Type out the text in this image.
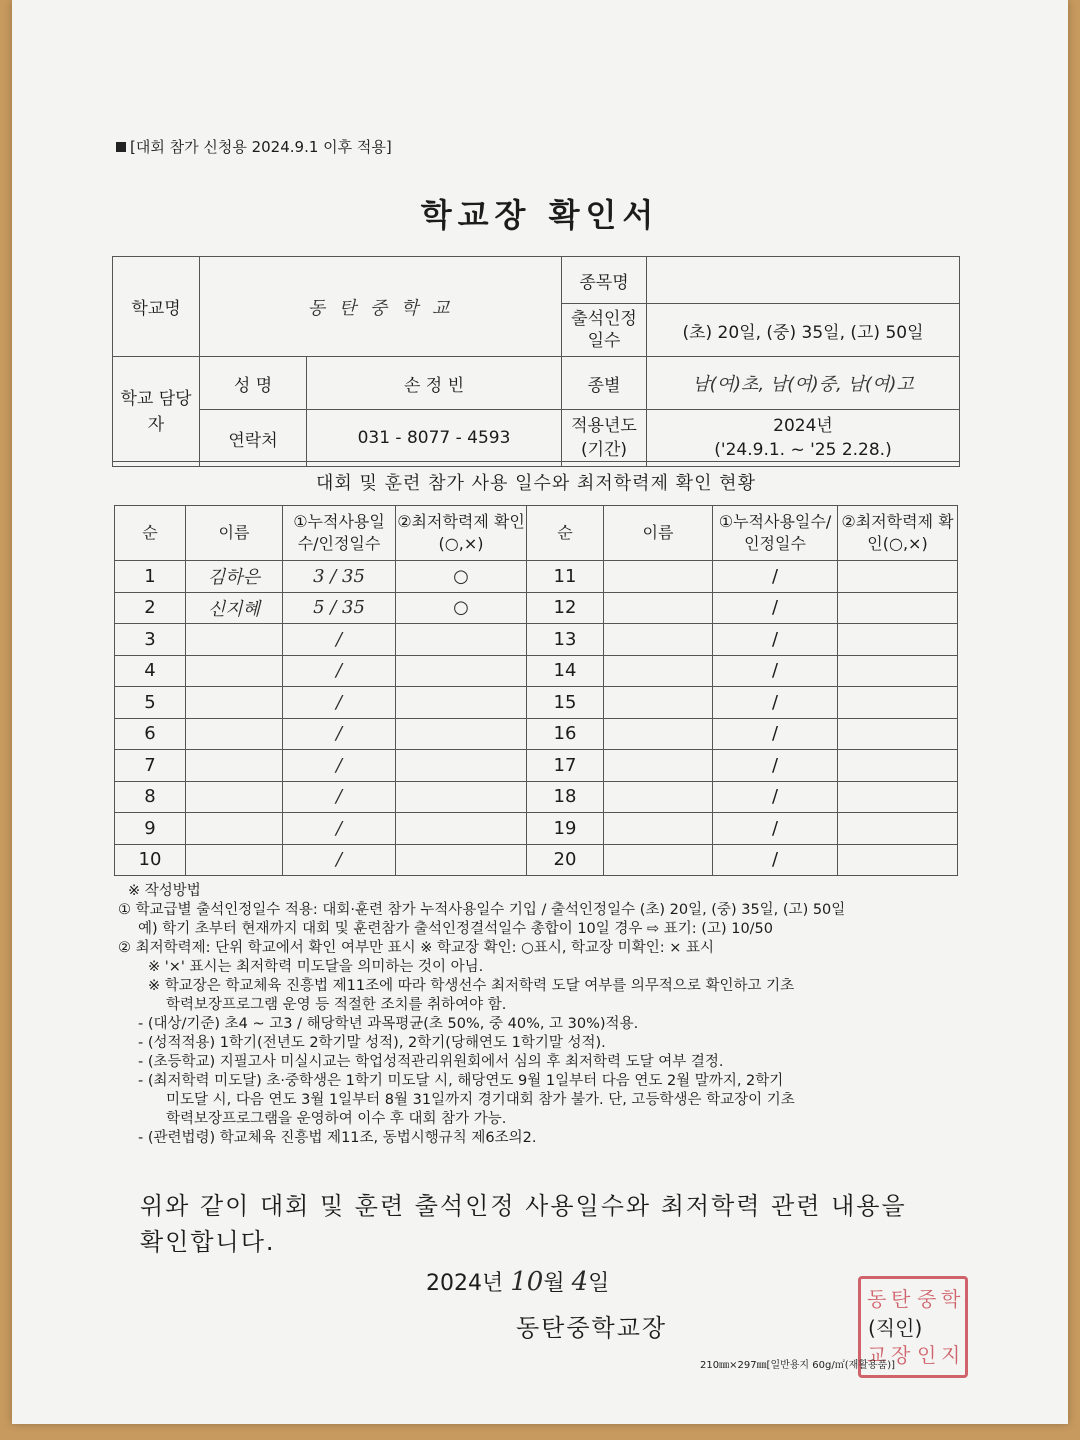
[대회 참가 신청용 2024.9.1 이후 적용]
학교장 확인서
학교명	동 탄 중 학 교		종목명	
			출석인정 일수	(초) 20일, (중) 35일, (고) 50일
학교 담당자	성 명	손 정 빈	종별	남(여)초, 남(여)중, 남(여)고
	연락처	031 - 8077 - 4593	적용년도 (기간)	2024년
('24.9.1. ~ '25 2.28.)
대회 및 훈련 참가 사용 일수와 최저학력제 확인 현황
순	이름	①누적사용일수/인정일수	②최저학력제 확인(○,×)	순	이름	①누적사용일수/인정일수	②최저학력제 확인(○,×)
1	김하은	3 / 35	○	11		/	
2	신지혜	5 / 35	○	12		/	
3		/		13		/	
4		/		14		/	
5		/		15		/	
6		/		16		/	
7		/		17		/	
8		/		18		/	
9		/		19		/	
10		/		20		/	
※ 작성방법
① 학교급별 출석인정일수 적용: 대회·훈련 참가 누적사용일수 기입 / 출석인정일수 (초) 20일, (중) 35일, (고) 50일
예) 학기 초부터 현재까지 대회 및 훈련참가 출석인정결석일수 총합이 10일 경우 ⇨ 표기: (고) 10/50
② 최저학력제: 단위 학교에서 확인 여부만 표시 ※ 학교장 확인: ○표시, 학교장 미확인: × 표시
※ '×' 표시는 최저학력 미도달을 의미하는 것이 아님.
※ 학교장은 학교체육 진흥법 제11조에 따라 학생선수 최저학력 도달 여부를 의무적으로 확인하고 기초
학력보장프로그램 운영 등 적절한 조치를 취하여야 함.
- (대상/기준) 초4 ~ 고3 / 해당학년 과목평균(초 50%, 중 40%, 고 30%)적용.
- (성적적용) 1학기(전년도 2학기말 성적), 2학기(당해연도 1학기말 성적).
- (초등학교) 지필고사 미실시교는 학업성적관리위원회에서 심의 후 최저학력 도달 여부 결정.
- (최저학력 미도달) 초·중학생은 1학기 미도달 시, 해당연도 9월 1일부터 다음 연도 2월 말까지, 2학기
미도달 시, 다음 연도 3월 1일부터 8월 31일까지 경기대회 참가 불가. 단, 고등학생은 학교장이 기초
학력보장프로그램을 운영하여 이수 후 대회 참가 가능.
- (관련법령) 학교체육 진흥법 제11조, 동법시행규칙 제6조의2.
위와 같이 대회 및 훈련 출석인정 사용일수와 최저학력 관련 내용을 확인합니다.
2024년 10월 4일
동탄중학교장
동 탄 중 학
교 장 인 지
(직인)
210㎜×297㎜[일반용지 60g/㎡(재활용품)]
